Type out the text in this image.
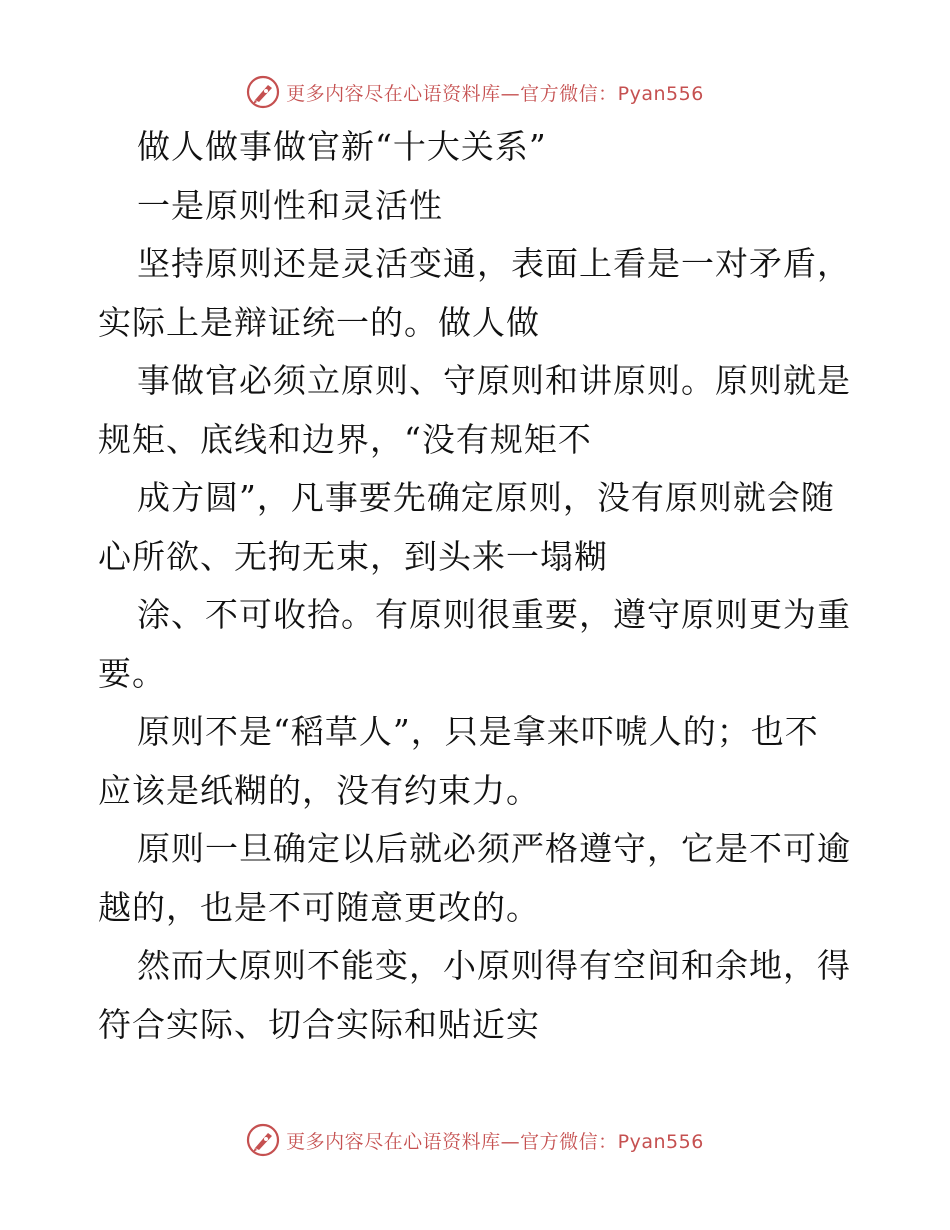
更多内容尽在心语资料库—官方微信：Pyan556
做人做事做官新“十大关系”
一是原则性和灵活性
坚持原则还是灵活变通，表面上看是一对矛盾，
实际上是辩证统一的。做人做
事做官必须立原则、守原则和讲原则。原则就是
规矩、底线和边界，“没有规矩不
成方圆”，凡事要先确定原则，没有原则就会随
心所欲、无拘无束，到头来一塌糊
涂、不可收拾。有原则很重要，遵守原则更为重
要。
原则不是“稻草人”，只是拿来吓唬人的；也不
应该是纸糊的，没有约束力。
原则一旦确定以后就必须严格遵守，它是不可逾
越的，也是不可随意更改的。
然而大原则不能变，小原则得有空间和余地，得
符合实际、切合实际和贴近实
更多内容尽在心语资料库—官方微信：Pyan556
